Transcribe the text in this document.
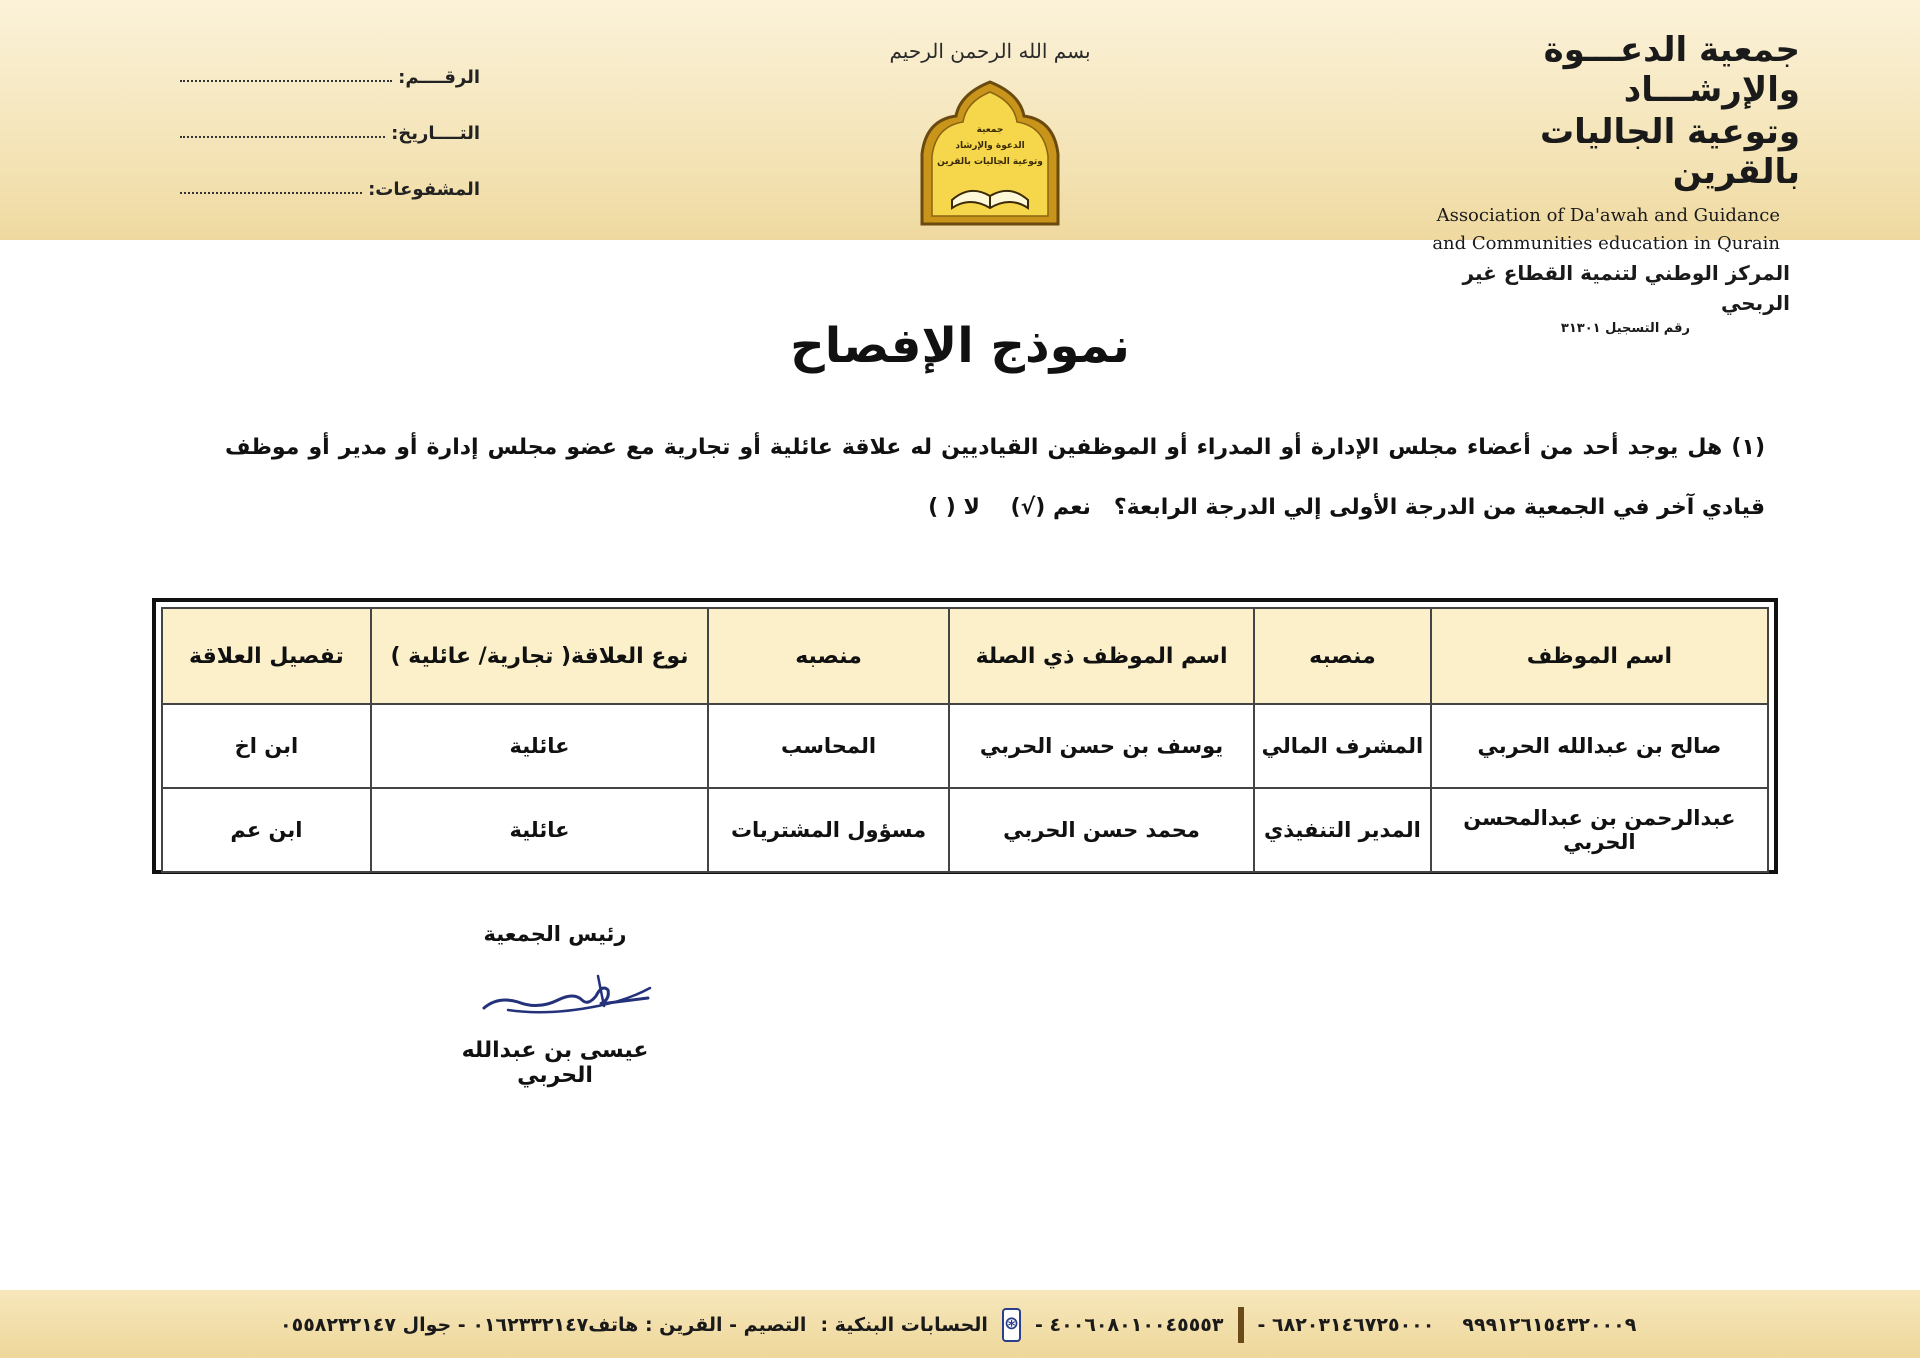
جمعية الدعـــوة والإرشـــاد
وتوعية الجاليات بالقرين
Association of Da'awah and Guidance
and Communities education in Qurain
المركز الوطني لتنمية القطاع غير الربحي
رقم التسجيل ٣١٣٠١
بسم الله الرحمن الرحيم
جمعية
الدعوة والإرشاد
وتوعية الجاليات بالقرين
الرقــــم:
التــــاريخ:
المشفوعات:
نموذج الإفصاح
(١) هل يوجد أحد من أعضاء مجلس الإدارة أو المدراء أو الموظفين القياديين له علاقة عائلية أو تجارية مع عضو مجلس إدارة أو مدير أو موظف قيادي آخر في الجمعية من الدرجة الأولى إلي الدرجة الرابعة؟   نعم (√)    لا ( )
اسم الموظف	منصبه	اسم الموظف ذي الصلة	منصبه	نوع العلاقة( تجارية/ عائلية )	تفصيل العلاقة
صالح بن عبدالله الحربي	المشرف المالي	يوسف بن حسن الحربي	المحاسب	عائلية	ابن اخ
عبدالرحمن بن عبدالمحسن الحربي	المدير التنفيذي	محمد حسن الحربي	مسؤول المشتريات	عائلية	ابن عم
رئيس الجمعية
عيسى بن عبدالله الحربي
التصيم - القرين : هاتف٠١٦٢٣٣٢١٤٧ - جوال ٠٥٥٨٢٣٢١٤٧ الحسابات البنكية : ⊛ ٤٠٠٦٠٨٠١٠٠٤٥٥٥٣ - ٦٨٢٠٣١٤٦٧٢٥٠٠٠ - ٩٩٩١٢٦١٥٤٣٢٠٠٠٩
